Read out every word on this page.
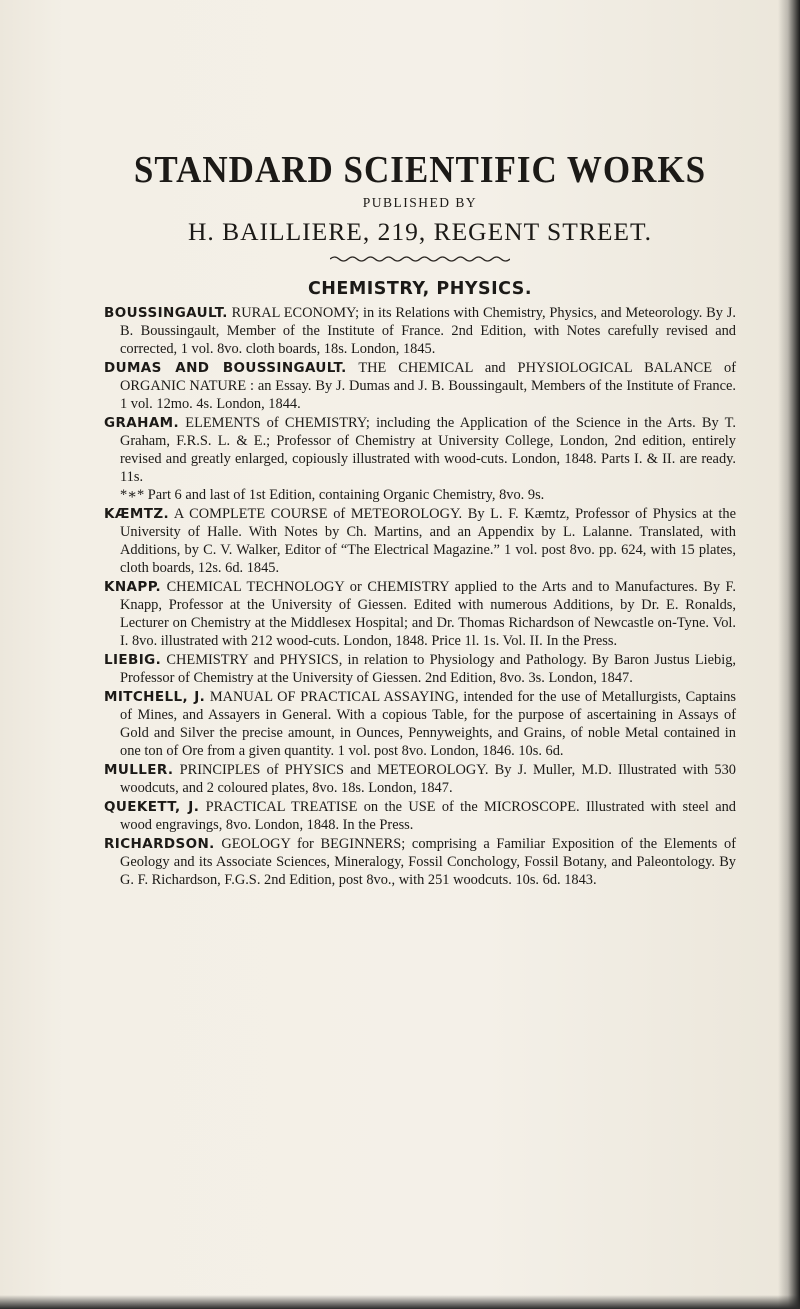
STANDARD SCIENTIFIC WORKS
PUBLISHED BY
H. BAILLIERE, 219, REGENT STREET.
CHEMISTRY, PHYSICS.
BOUSSINGAULT. RURAL ECONOMY; in its Relations with Chemistry, Physics, and Meteorology. By J. B. Boussingault, Member of the Institute of France. 2nd Edition, with Notes carefully revised and corrected, 1 vol. 8vo. cloth boards, 18s. London, 1845.
DUMAS AND BOUSSINGAULT. THE CHEMICAL and PHYSIOLOGICAL BALANCE of ORGANIC NATURE : an Essay. By J. Dumas and J. B. Boussingault, Members of the Institute of France. 1 vol. 12mo. 4s. London, 1844.
GRAHAM. ELEMENTS of CHEMISTRY; including the Application of the Science in the Arts. By T. Graham, F.R.S. L. & E.; Professor of Chemistry at University College, London, 2nd edition, entirely revised and greatly enlarged, copiously illustrated with wood-cuts. London, 1848. Parts I. & II. are ready. 11s.
*∗* Part 6 and last of 1st Edition, containing Organic Chemistry, 8vo. 9s.
KÆMTZ. A COMPLETE COURSE of METEOROLOGY. By L. F. Kæmtz, Professor of Physics at the University of Halle. With Notes by Ch. Martins, and an Appendix by L. Lalanne. Translated, with Additions, by C. V. Walker, Editor of “The Electrical Magazine.” 1 vol. post 8vo. pp. 624, with 15 plates, cloth boards, 12s. 6d. 1845.
KNAPP. CHEMICAL TECHNOLOGY or CHEMISTRY applied to the Arts and to Manufactures. By F. Knapp, Professor at the University of Giessen. Edited with numerous Additions, by Dr. E. Ronalds, Lecturer on Chemistry at the Middlesex Hospital; and Dr. Thomas Richardson of Newcastle on-Tyne. Vol. I. 8vo. illustrated with 212 wood-cuts. London, 1848. Price 1l. 1s. Vol. II. In the Press.
LIEBIG. CHEMISTRY and PHYSICS, in relation to Physiology and Pathology. By Baron Justus Liebig, Professor of Chemistry at the University of Giessen. 2nd Edition, 8vo. 3s. London, 1847.
MITCHELL, J. MANUAL OF PRACTICAL ASSAYING, intended for the use of Metallurgists, Captains of Mines, and Assayers in General. With a copious Table, for the purpose of ascertaining in Assays of Gold and Silver the precise amount, in Ounces, Pennyweights, and Grains, of noble Metal contained in one ton of Ore from a given quantity. 1 vol. post 8vo. London, 1846. 10s. 6d.
MULLER. PRINCIPLES of PHYSICS and METEOROLOGY. By J. Muller, M.D. Illustrated with 530 woodcuts, and 2 coloured plates, 8vo. 18s. London, 1847.
QUEKETT, J. PRACTICAL TREATISE on the USE of the MICROSCOPE. Illustrated with steel and wood engravings, 8vo. London, 1848. In the Press.
RICHARDSON. GEOLOGY for BEGINNERS; comprising a Familiar Exposition of the Elements of Geology and its Associate Sciences, Mineralogy, Fossil Conchology, Fossil Botany, and Paleontology. By G. F. Richardson, F.G.S. 2nd Edition, post 8vo., with 251 woodcuts. 10s. 6d. 1843.
